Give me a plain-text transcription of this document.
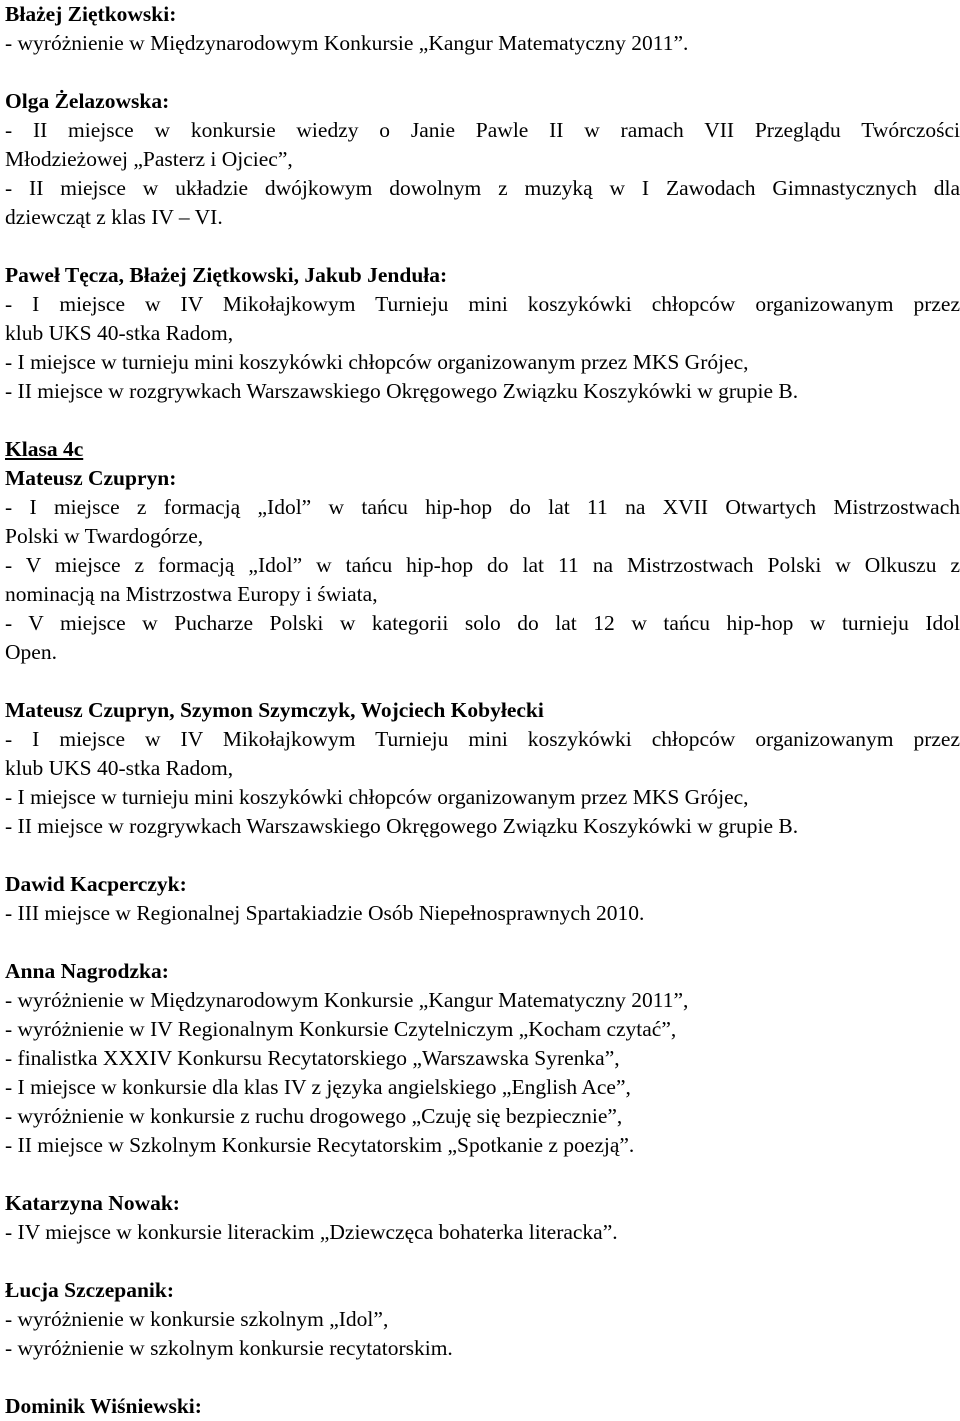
Błażej Ziętkowski:
- wyróżnienie w Międzynarodowym Konkursie „Kangur Matematyczny 2011”.
Olga Żelazowska:
- II miejsce w konkursie wiedzy o Janie Pawle II w ramach VII Przeglądu Twórczości
Młodzieżowej „Pasterz i Ojciec”,
- II miejsce w układzie dwójkowym dowolnym z muzyką w I Zawodach Gimnastycznych dla
dziewcząt z klas IV – VI.
Paweł Tęcza, Błażej Ziętkowski, Jakub Jenduła:
- I miejsce w IV Mikołajkowym Turnieju mini koszykówki chłopców organizowanym przez
klub UKS 40-stka Radom,
- I miejsce w turnieju mini koszykówki chłopców organizowanym przez MKS Grójec,
- II miejsce w rozgrywkach Warszawskiego Okręgowego Związku Koszykówki w grupie B.
Klasa 4c
Mateusz Czupryn:
- I miejsce z formacją „Idol” w tańcu hip-hop do lat 11 na XVII Otwartych Mistrzostwach
Polski w Twardogórze,
- V miejsce z formacją „Idol” w tańcu hip-hop do lat 11 na Mistrzostwach Polski w Olkuszu z
nominacją na Mistrzostwa Europy i świata,
- V miejsce w Pucharze Polski w kategorii solo do lat 12 w tańcu hip-hop w turnieju Idol
Open.
Mateusz Czupryn, Szymon Szymczyk, Wojciech Kobyłecki
- I miejsce w IV Mikołajkowym Turnieju mini koszykówki chłopców organizowanym przez
klub UKS 40-stka Radom,
- I miejsce w turnieju mini koszykówki chłopców organizowanym przez MKS Grójec,
- II miejsce w rozgrywkach Warszawskiego Okręgowego Związku Koszykówki w grupie B.
Dawid Kacperczyk:
- III miejsce w Regionalnej Spartakiadzie Osób Niepełnosprawnych 2010.
Anna Nagrodzka:
- wyróżnienie w Międzynarodowym Konkursie „Kangur Matematyczny 2011”,
- wyróżnienie w IV Regionalnym Konkursie Czytelniczym „Kocham czytać”,
- finalistka XXXIV Konkursu Recytatorskiego „Warszawska Syrenka”,
- I miejsce w konkursie dla klas IV z języka angielskiego „English Ace”,
- wyróżnienie w konkursie z ruchu drogowego „Czuję się bezpiecznie”,
- II miejsce w Szkolnym Konkursie Recytatorskim „Spotkanie z poezją”.
Katarzyna Nowak:
- IV miejsce w konkursie literackim „Dziewczęca bohaterka literacka”.
Łucja Szczepanik:
- wyróżnienie w konkursie szkolnym „Idol”,
- wyróżnienie w szkolnym konkursie recytatorskim.
Dominik Wiśniewski:
